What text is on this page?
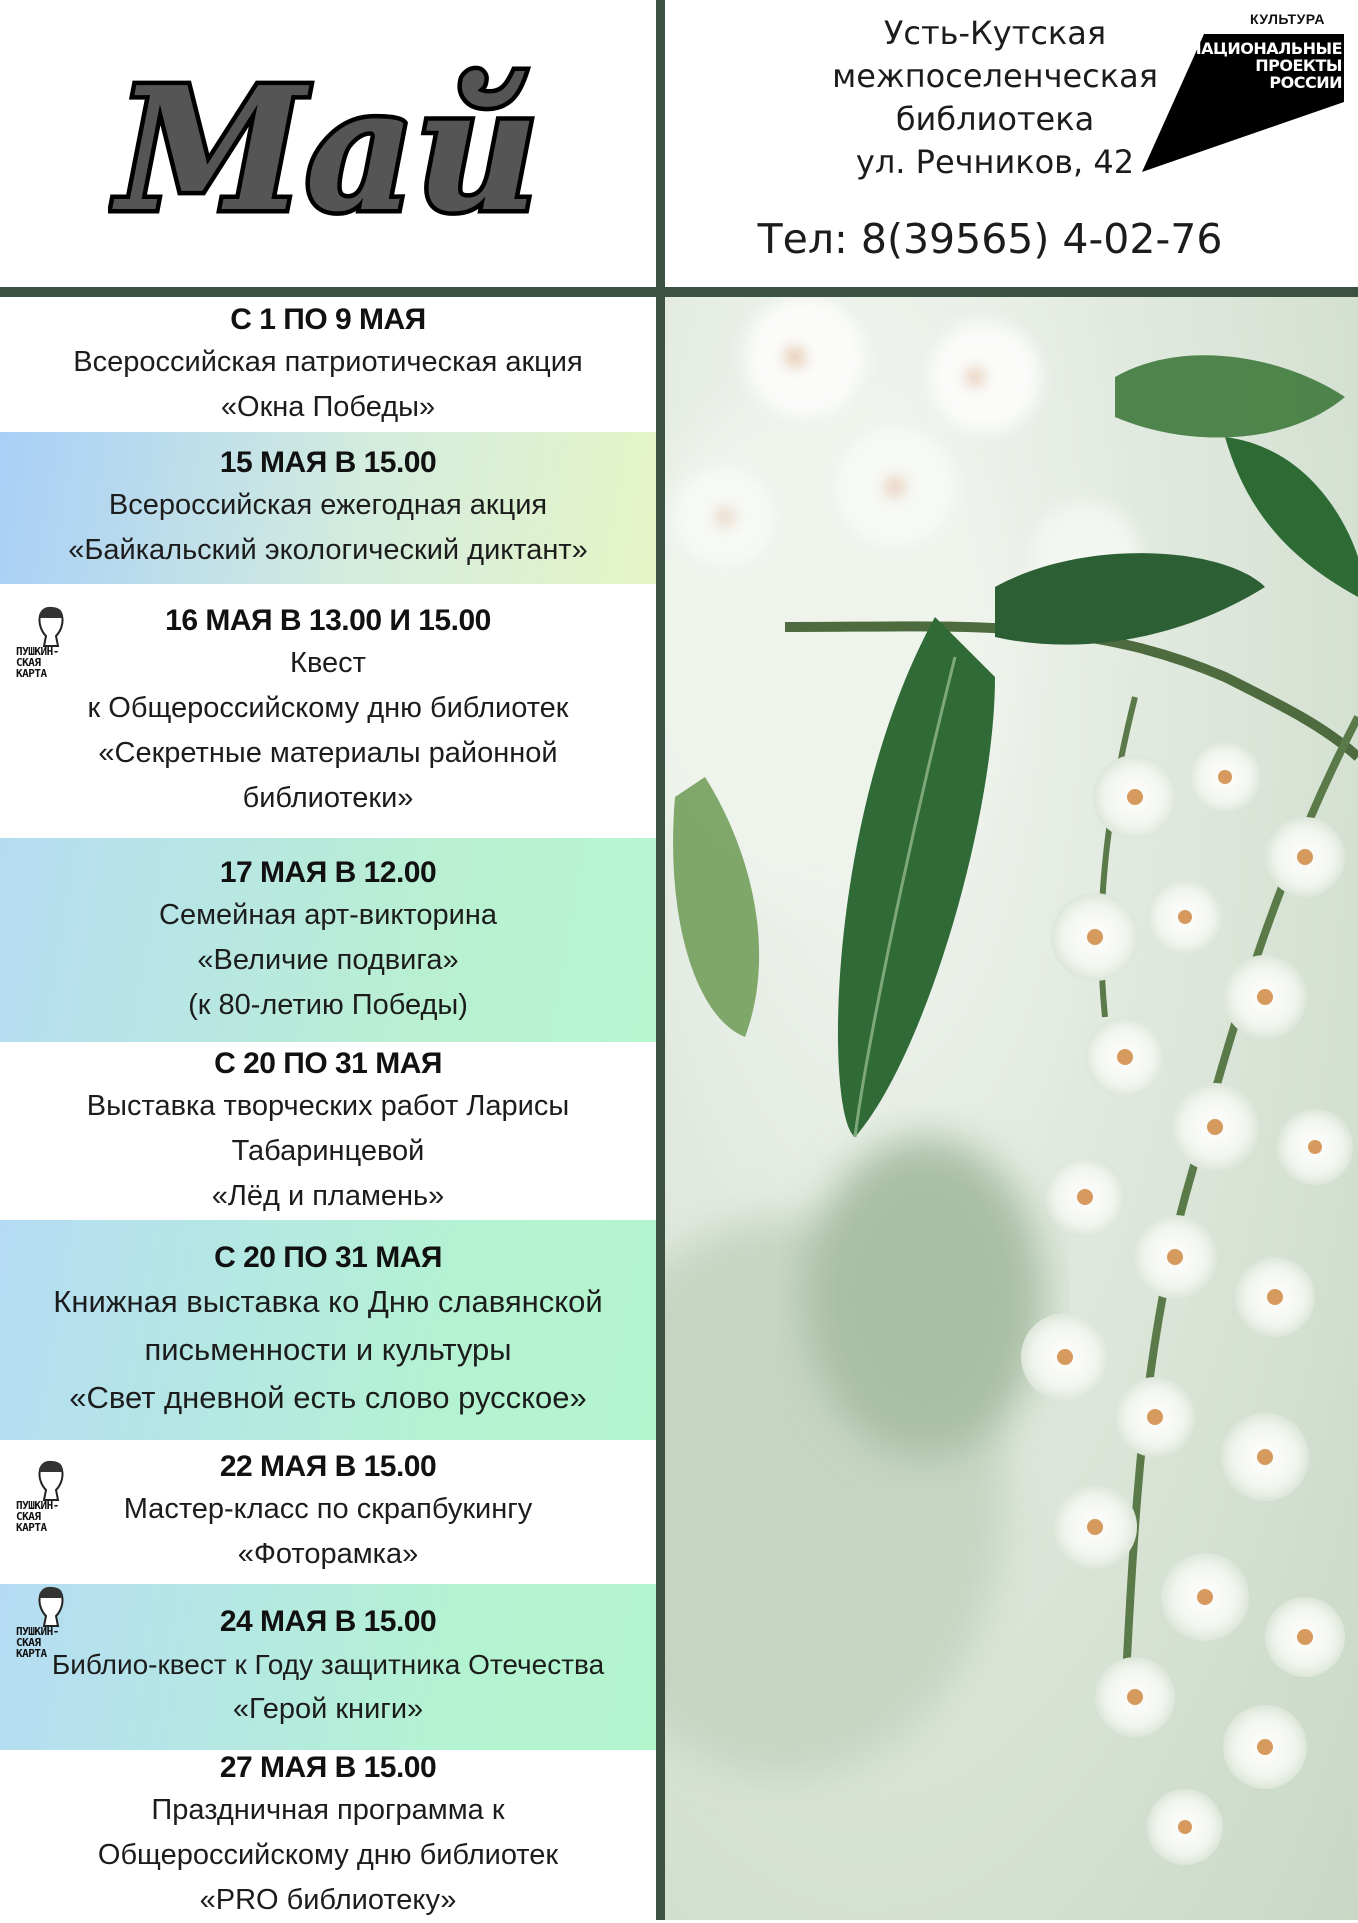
Май
Усть-Кутская
межпоселенческая
библиотека
ул. Речников, 42
Тел: 8(39565) 4-02-76
КУЛЬТУРА
НАЦИОНАЛЬНЫЕ
ПРОЕКТЫ
РОССИИ
С 1 ПО 9 МАЯ
Всероссийская патриотическая акция
«Окна Победы»
15 МАЯ В 15.00
Всероссийская ежегодная акция
«Байкальский экологический диктант»
16 МАЯ В 13.00 И 15.00
Квест
к Общероссийскому дню библиотек
«Секретные материалы районной
библиотеки»
17 МАЯ В 12.00
Семейная арт-викторина
«Величие подвига»
(к 80-летию Победы)
С 20 ПО 31 МАЯ
Выставка творческих работ Ларисы
Табаринцевой
«Лёд и пламень»
С 20 ПО 31 МАЯ
Книжная выставка ко Дню славянской
письменности и культуры
«Свет дневной есть слово русское»
22 МАЯ В 15.00
Мастер-класс по скрапбукингу
«Фоторамка»
24 МАЯ В 15.00
Библио-квест к Году защитника Отечества
«Герой книги»
27 МАЯ В 15.00
Праздничная программа к
Общероссийскому дню библиотек
«PRO библиотеку»
ПУШКИН-
СКАЯ
КАРТА
ПУШКИН-
СКАЯ
КАРТА
ПУШКИН-
СКАЯ
КАРТА
